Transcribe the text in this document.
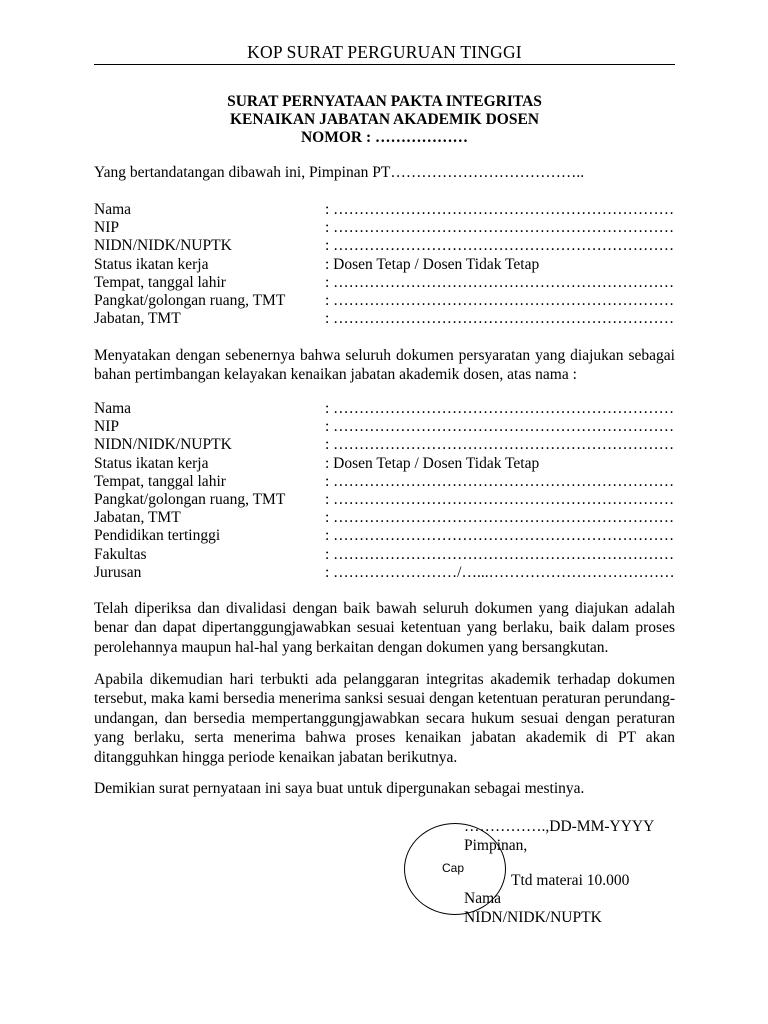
KOP SURAT PERGURUAN TINGGI
SURAT PERNYATAAN PAKTA INTEGRITAS
KENAIKAN JABATAN AKADEMIK DOSEN
NOMOR : ………………
Yang bertandatangan dibawah ini, Pimpinan PT………………………………..
Nama	: …………………………………………………………
NIP	: …………………………………………………………
NIDN/NIDK/NUPTK	: …………………………………………………………
Status ikatan kerja	: Dosen Tetap / Dosen Tidak Tetap
Tempat, tanggal lahir	: …………………………………………………………
Pangkat/golongan ruang, TMT	: …………………………………………………………
Jabatan, TMT	: …………………………………………………………
Menyatakan dengan sebenernya bahwa seluruh dokumen persyaratan yang diajukan sebagai bahan pertimbangan kelayakan kenaikan jabatan akademik dosen, atas nama :
Nama	: …………………………………………………………
NIP	: …………………………………………………………
NIDN/NIDK/NUPTK	: …………………………………………………………
Status ikatan kerja	: Dosen Tetap / Dosen Tidak Tetap
Tempat, tanggal lahir	: …………………………………………………………
Pangkat/golongan ruang, TMT	: …………………………………………………………
Jabatan, TMT	: …………………………………………………………
Pendidikan tertinggi	: …………………………………………………………
Fakultas	: …………………………………………………………
Jurusan	: ……………………/…...………………………………
Telah diperiksa dan divalidasi dengan baik bawah seluruh dokumen yang diajukan adalah benar dan dapat dipertanggungjawabkan sesuai ketentuan yang berlaku, baik dalam proses perolehannya maupun hal-hal yang berkaitan dengan dokumen yang bersangkutan.
Apabila dikemudian hari terbukti ada pelanggaran integritas akademik terhadap dokumen tersebut, maka kami bersedia menerima sanksi sesuai dengan ketentuan peraturan perundang-undangan, dan bersedia mempertanggungjawabkan secara hukum sesuai dengan peraturan yang berlaku, serta menerima bahwa proses kenaikan jabatan akademik di PT akan ditangguhkan hingga periode kenaikan jabatan berikutnya.
Demikian surat pernyataan ini saya buat untuk dipergunakan sebagai mestinya.
Cap
…………….,DD-MM-YYYY
Pimpinan,
Ttd materai 10.000
Nama
NIDN/NIDK/NUPTK
